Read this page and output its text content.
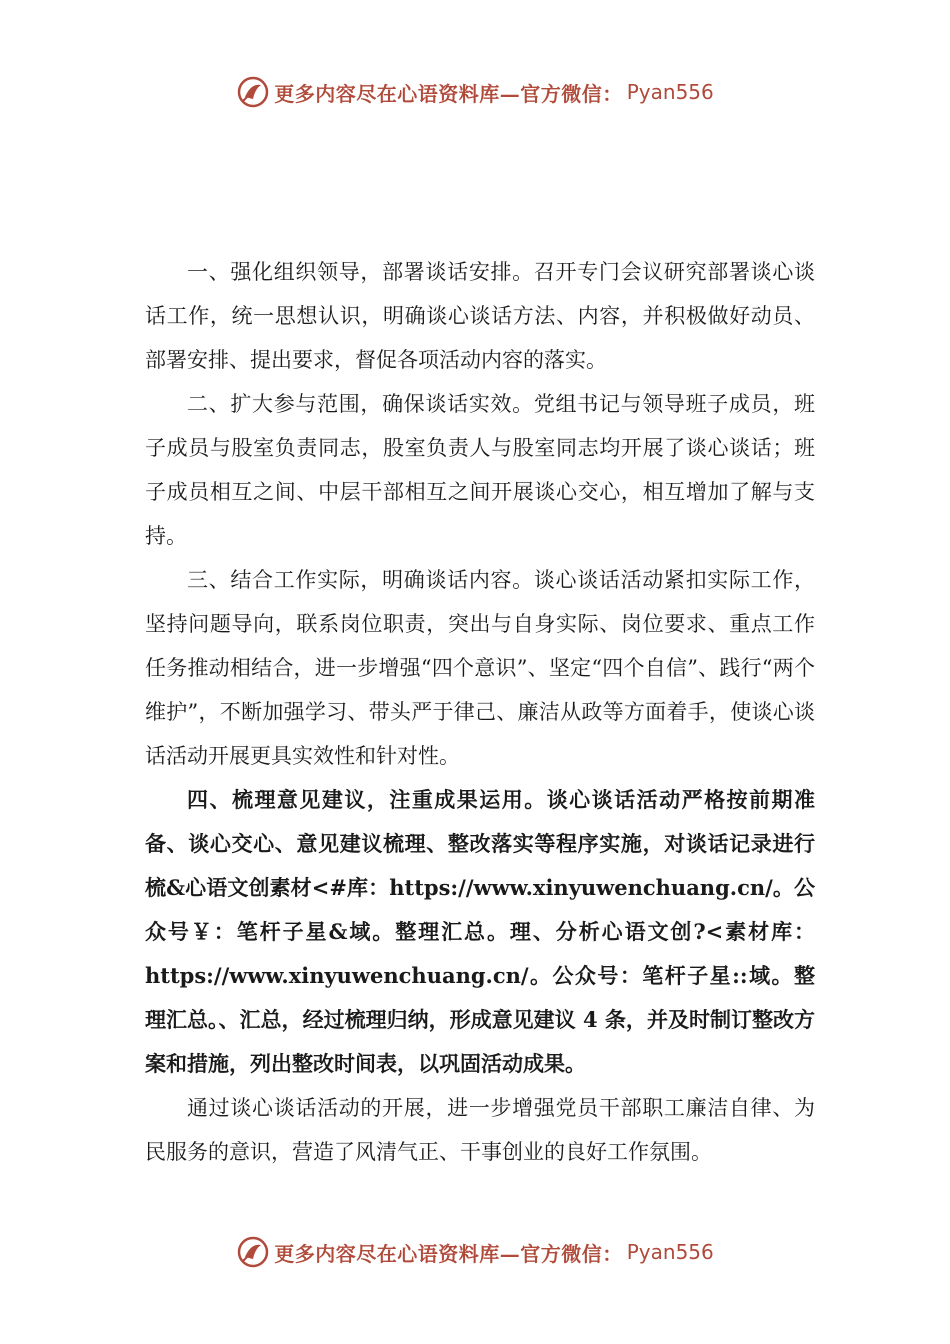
更多内容尽在心语资料库—官方微信： Pyan556

一、强化组织领导，部署谈话安排。召开专门会议研究部署谈心谈话工作，统一思想认识，明确谈心谈话方法、内容，并积极做好动员、部署安排、提出要求，督促各项活动内容的落实。

二、扩大参与范围，确保谈话实效。党组书记与领导班子成员，班子成员与股室负责同志，股室负责人与股室同志均开展了谈心谈话；班子成员相互之间、中层干部相互之间开展谈心交心，相互增加了解与支持。

三、结合工作实际，明确谈话内容。谈心谈话活动紧扣实际工作，坚持问题导向，联系岗位职责，突出与自身实际、岗位要求、重点工作任务推动相结合，进一步增强“四个意识”、坚定“四个自信”、践行“两个维护”，不断加强学习、带头严于律己、廉洁从政等方面着手，使谈心谈话活动开展更具实效性和针对性。

四、梳理意见建议，注重成果运用。谈心谈话活动严格按前期准备、谈心交心、意见建议梳理、整改落实等程序实施，对谈话记录进行梳&心语文创素材<#库：https://www.xinyuwenchuang.cn/。公众号￥：笔杆子星&域。整理汇总。理、分析心语文创?<素材库：https://www.xinyuwenchuang.cn/。公众号：笔杆子星::域。整理汇总。、汇总，经过梳理归纳，形成意见建议 4 条，并及时制订整改方案和措施，列出整改时间表，以巩固活动成果。

通过谈心谈话活动的开展，进一步增强党员干部职工廉洁自律、为民服务的意识，营造了风清气正、干事创业的良好工作氛围。

更多内容尽在心语资料库—官方微信： Pyan556
